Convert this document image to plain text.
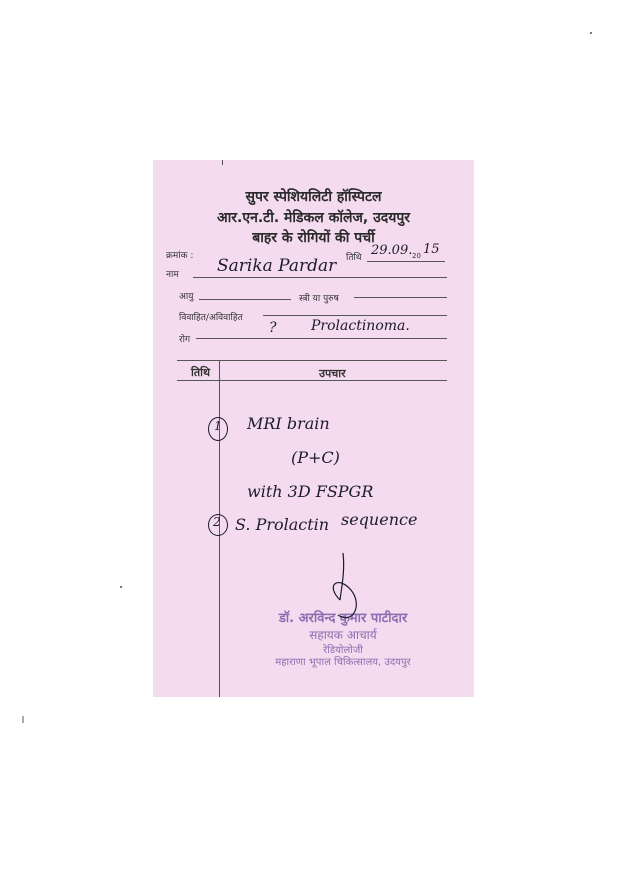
सुपर स्पेशियलिटी हॉस्पिटल
आर.एन.टी. मेडिकल कॉलेज, उदयपुर
बाहर के रोगियों की पर्ची
क्रमांक :	तिथि 29.09. 20 15
नाम Sarika Pardar
आयु	स्त्री या पुरुष
विवाहित/अविवाहित
रोग
? Prolactinoma.
तिथि	उपचार
1 MRI brain
(P+C)
with 3D FSPGR
sequence
2 S. Prolactin
डॉ. अरविन्द कुमार पाटीदार
सहायक आचार्य
रेडियोलोजी
महाराणा भूपाल चिकित्सालय, उदयपुर
